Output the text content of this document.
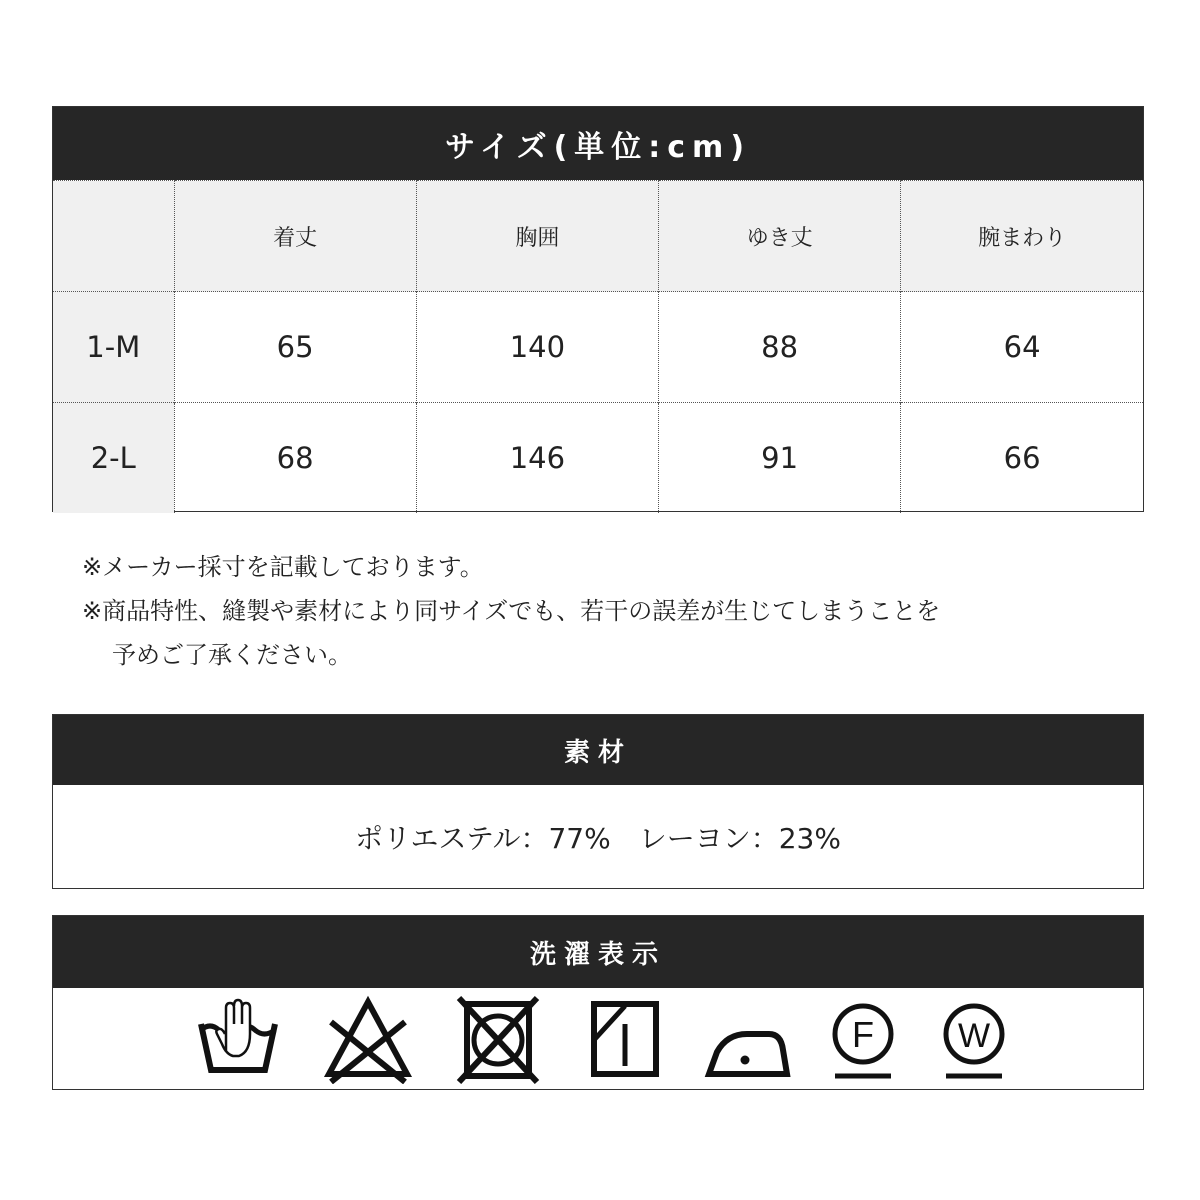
サイズ(単位:cm)
	着丈	胸囲	ゆき丈	腕まわり
1-M	65	140	88	64
2-L	68	146	91	66
※メーカー採寸を記載しております。
※商品特性、縫製や素材により同サイズでも、若干の誤差が生じてしまうことを
予めご了承ください。
素材
ポリエステル：77%　レーヨン：23%
洗濯表示
F W
